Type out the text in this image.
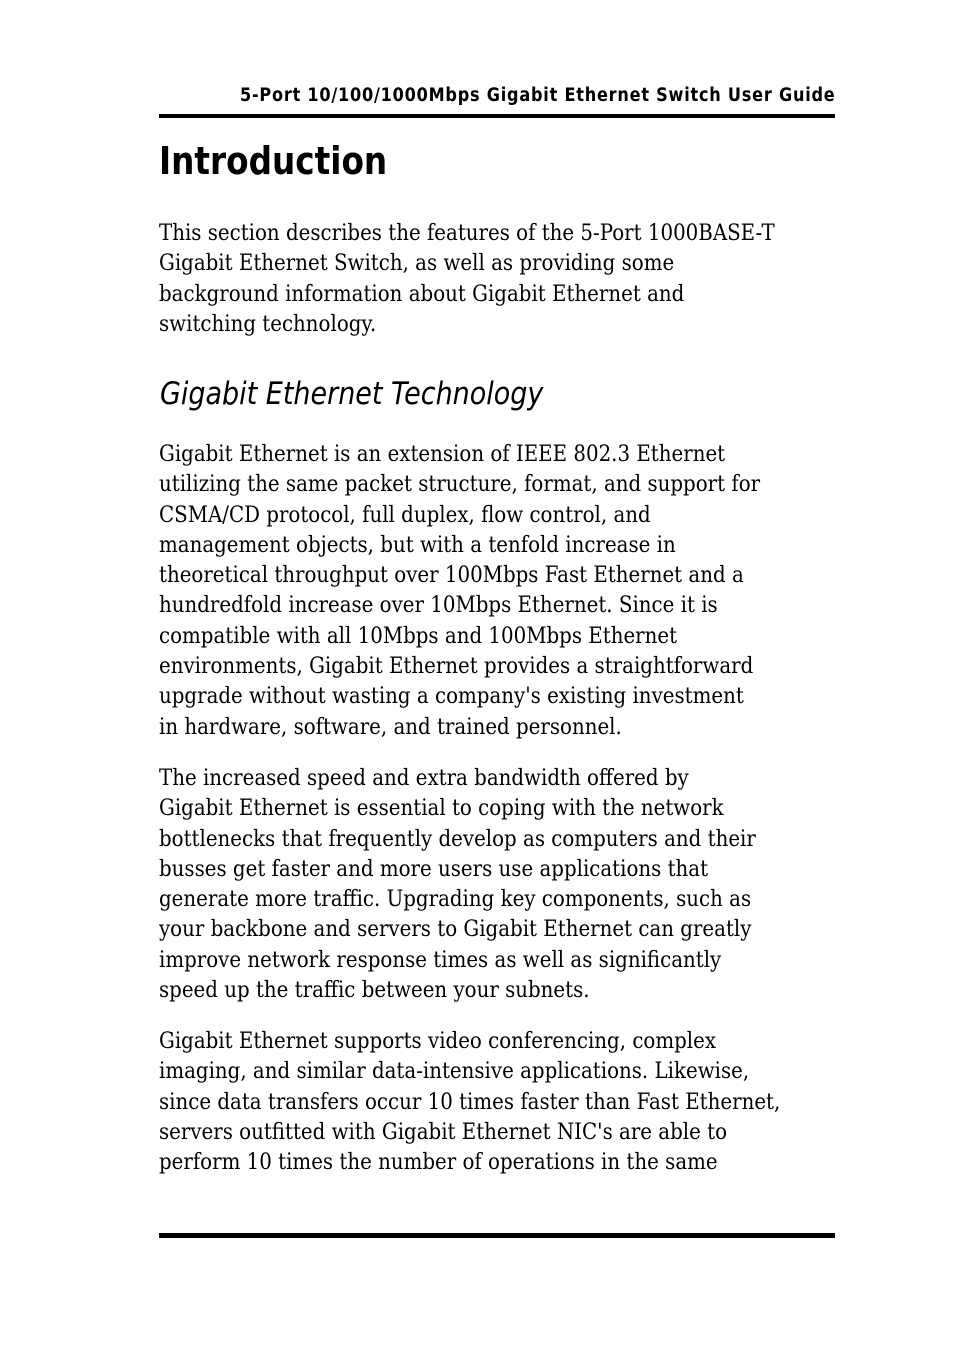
5-Port 10/100/1000Mbps Gigabit Ethernet Switch User Guide
Introduction
This section describes the features of the 5-Port 1000BASE-T
Gigabit Ethernet Switch, as well as providing some
background information about Gigabit Ethernet and
switching technology.
Gigabit Ethernet Technology
Gigabit Ethernet is an extension of IEEE 802.3 Ethernet
utilizing the same packet structure, format, and support for
CSMA/CD protocol, full duplex, flow control, and
management objects, but with a tenfold increase in
theoretical throughput over 100Mbps Fast Ethernet and a
hundredfold increase over 10Mbps Ethernet. Since it is
compatible with all 10Mbps and 100Mbps Ethernet
environments, Gigabit Ethernet provides a straightforward
upgrade without wasting a company's existing investment
in hardware, software, and trained personnel.
The increased speed and extra bandwidth offered by
Gigabit Ethernet is essential to coping with the network
bottlenecks that frequently develop as computers and their
busses get faster and more users use applications that
generate more traffic. Upgrading key components, such as
your backbone and servers to Gigabit Ethernet can greatly
improve network response times as well as significantly
speed up the traffic between your subnets.
Gigabit Ethernet supports video conferencing, complex
imaging, and similar data-intensive applications. Likewise,
since data transfers occur 10 times faster than Fast Ethernet,
servers outfitted with Gigabit Ethernet NIC's are able to
perform 10 times the number of operations in the same
